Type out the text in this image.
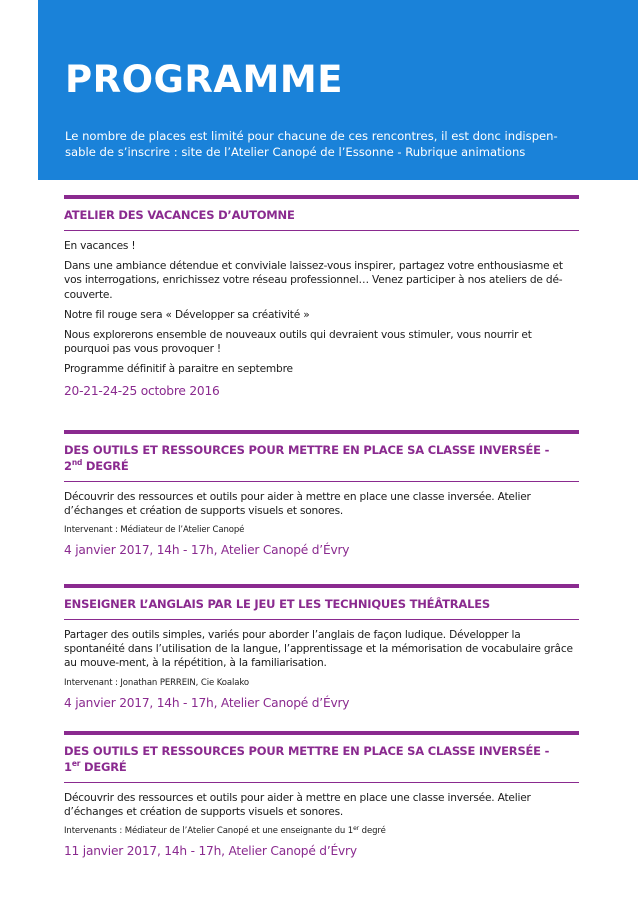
PROGRAMME

Le nombre de places est limité pour chacune de ces rencontres, il est donc indispen-
sable de s’inscrire : site de l’Atelier Canopé de l’Essonne - Rubrique animations

ATELIER DES VACANCES D’AUTOMNE

En vacances !

Dans une ambiance détendue et conviviale laissez-vous inspirer, partagez votre enthousiasme et vos interrogations, enrichissez votre réseau professionnel… Venez participer à nos ateliers de dé-couverte.

Notre fil rouge sera « Développer sa créativité »

Nous explorerons ensemble de nouveaux outils qui devraient vous stimuler, vous nourrir et pourquoi pas vous provoquer !

Programme définitif à paraitre en septembre

20-21-24-25 octobre 2016

DES OUTILS ET RESSOURCES POUR METTRE EN PLACE SA CLASSE INVERSÉE -
2nd DEGRÉ

Découvrir des ressources et outils pour aider à mettre en place une classe inversée. Atelier d’échanges et création de supports visuels et sonores.

Intervenant : Médiateur de l’Atelier Canopé

4 janvier 2017, 14h - 17h, Atelier Canopé d’Évry

ENSEIGNER L’ANGLAIS PAR LE JEU ET LES TECHNIQUES THÉÂTRALES

Partager des outils simples, variés pour aborder l’anglais de façon ludique. Développer la spontanéité dans l’utilisation de la langue, l’apprentissage et la mémorisation de vocabulaire grâce au mouve-ment, à la répétition, à la familiarisation.

Intervenant : Jonathan PERREIN, Cie Koalako

4 janvier 2017, 14h - 17h, Atelier Canopé d’Évry

DES OUTILS ET RESSOURCES POUR METTRE EN PLACE SA CLASSE INVERSÉE -
1er DEGRÉ

Découvrir des ressources et outils pour aider à mettre en place une classe inversée. Atelier d’échanges et création de supports visuels et sonores.

Intervenants : Médiateur de l’Atelier Canopé et une enseignante du 1er degré

11 janvier 2017, 14h - 17h, Atelier Canopé d’Évry
